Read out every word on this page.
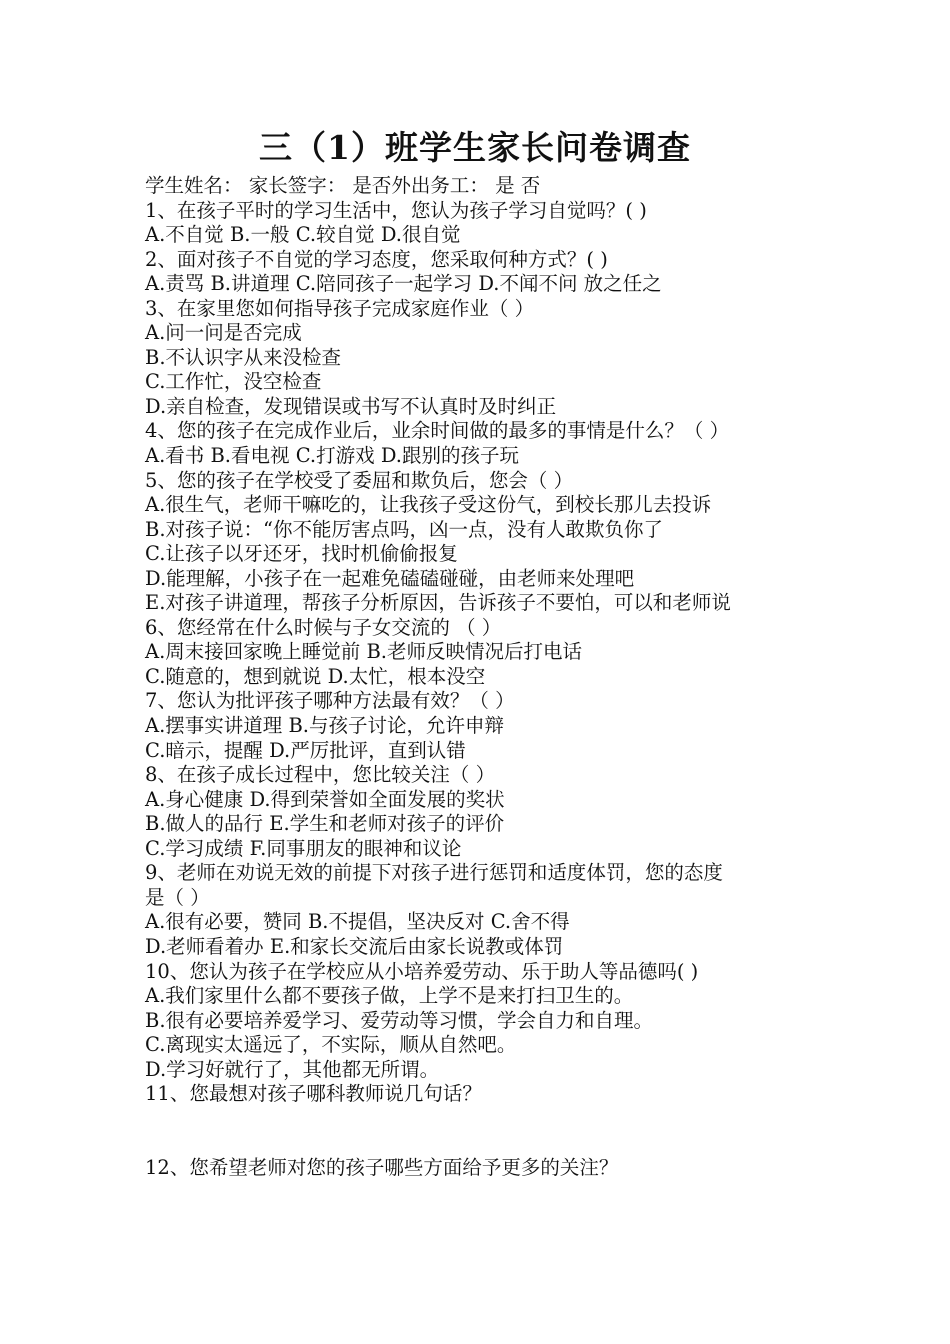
三（1）班学生家长问卷调查
学生姓名： 家长签字： 是否外出务工： 是 否
1、在孩子平时的学习生活中，您认为孩子学习自觉吗？( )
A.不自觉 B.一般 C.较自觉 D.很自觉
2、面对孩子不自觉的学习态度，您采取何种方式？( )
A.责骂 B.讲道理 C.陪同孩子一起学习 D.不闻不问 放之任之
3、在家里您如何指导孩子完成家庭作业（ ）
A.问一问是否完成
B.不认识字从来没检查
C.工作忙，没空检查
D.亲自检查，发现错误或书写不认真时及时纠正
4、您的孩子在完成作业后，业余时间做的最多的事情是什么？（ ）
A.看书 B.看电视 C.打游戏 D.跟别的孩子玩
5、您的孩子在学校受了委屈和欺负后，您会（ ）
A.很生气，老师干嘛吃的，让我孩子受这份气，到校长那儿去投诉
B.对孩子说：“你不能厉害点吗，凶一点，没有人敢欺负你了
C.让孩子以牙还牙，找时机偷偷报复
D.能理解，小孩子在一起难免磕磕碰碰，由老师来处理吧
E.对孩子讲道理，帮孩子分析原因，告诉孩子不要怕，可以和老师说
6、您经常在什么时候与子女交流的 （ ）
A.周末接回家晚上睡觉前 B.老师反映情况后打电话
C.随意的，想到就说 D.太忙，根本没空
7、您认为批评孩子哪种方法最有效？（ ）
A.摆事实讲道理 B.与孩子讨论，允许申辩
C.暗示，提醒 D.严厉批评，直到认错
8、在孩子成长过程中，您比较关注（ ）
A.身心健康 D.得到荣誉如全面发展的奖状
B.做人的品行 E.学生和老师对孩子的评价
C.学习成绩 F.同事朋友的眼神和议论
9、老师在劝说无效的前提下对孩子进行惩罚和适度体罚，您的态度
是（ ）
A.很有必要，赞同 B.不提倡，坚决反对 C.舍不得
D.老师看着办 E.和家长交流后由家长说教或体罚
10、您认为孩子在学校应从小培养爱劳动、乐于助人等品德吗( )
A.我们家里什么都不要孩子做，上学不是来打扫卫生的。
B.很有必要培养爱学习、爱劳动等习惯，学会自力和自理。
C.离现实太遥远了，不实际，顺从自然吧。
D.学习好就行了，其他都无所谓。
11、您最想对孩子哪科教师说几句话？
12、您希望老师对您的孩子哪些方面给予更多的关注？
